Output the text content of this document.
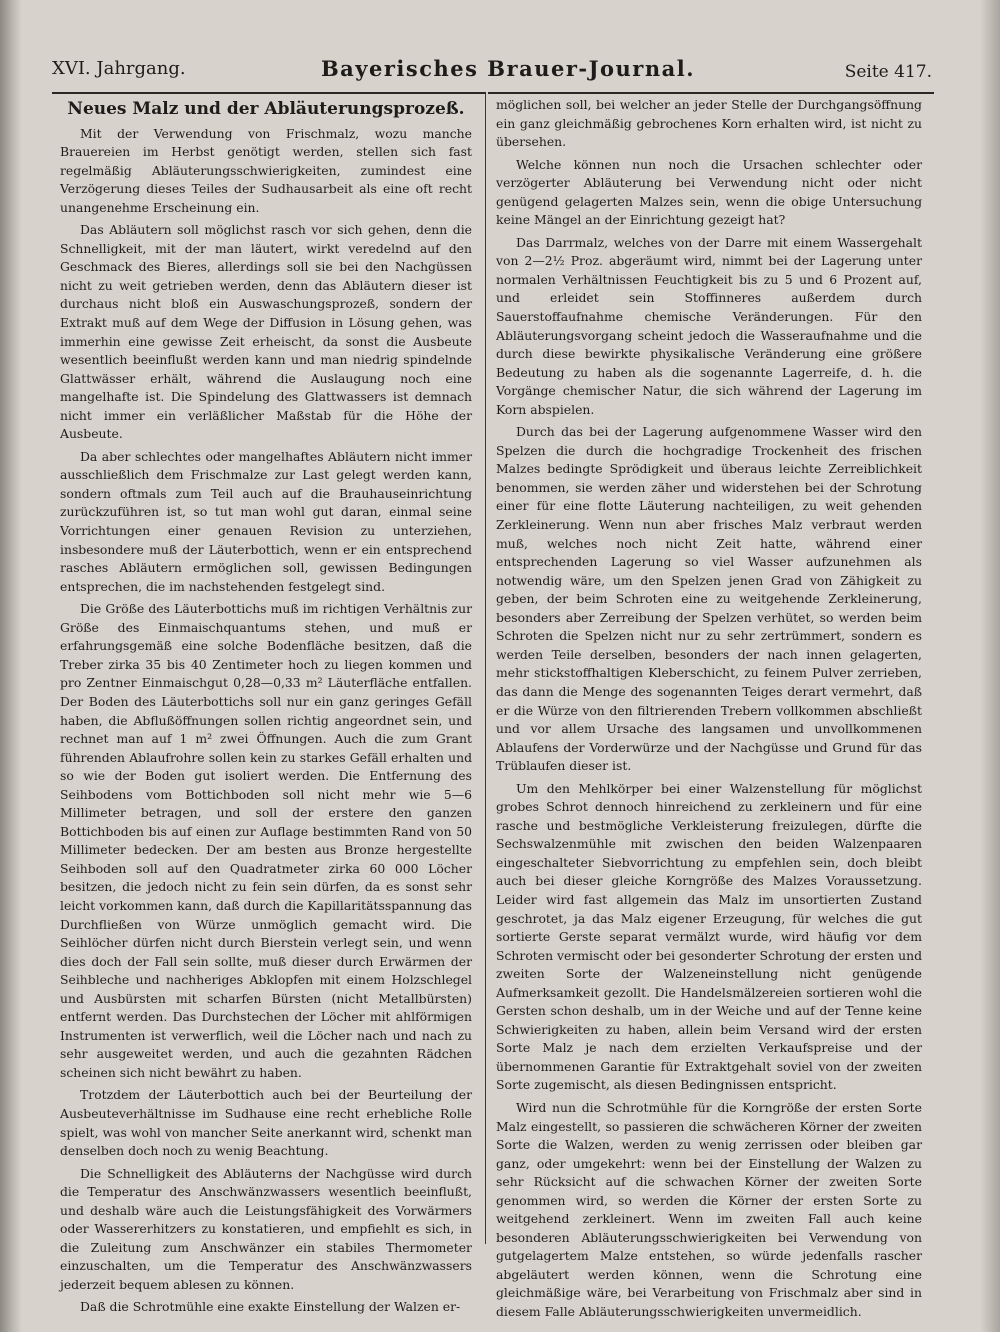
XVI. Jahrgang.	Bayerisches Brauer-Journal.	Seite 417.
Neues Malz und der Abläuterungsprozeß.

Mit der Verwendung von Frischmalz, wozu manche Brauereien im Herbst genötigt werden, stellen sich fast regelmäßig Abläuterungsschwierigkeiten, zumindest eine Verzögerung dieses Teiles der Sudhausarbeit als eine oft recht unangenehme Erscheinung ein.

Das Abläutern soll möglichst rasch vor sich gehen, denn die Schnelligkeit, mit der man läutert, wirkt veredelnd auf den Geschmack des Bieres, allerdings soll sie bei den Nachgüssen nicht zu weit getrieben werden, denn das Abläutern dieser ist durchaus nicht bloß ein Auswaschungsprozeß, sondern der Extrakt muß auf dem Wege der Diffusion in Lösung gehen, was immerhin eine gewisse Zeit erheischt, da sonst die Ausbeute wesentlich beeinflußt werden kann und man niedrig spindelnde Glattwässer erhält, während die Auslaugung noch eine mangelhafte ist. Die Spindelung des Glattwassers ist demnach nicht immer ein verläßlicher Maßstab für die Höhe der Ausbeute.

Da aber schlechtes oder mangelhaftes Abläutern nicht immer ausschließlich dem Frischmalze zur Last gelegt werden kann, sondern oftmals zum Teil auch auf die Brauhauseinrichtung zurückzuführen ist, so tut man wohl gut daran, einmal seine Vorrichtungen einer genauen Revision zu unterziehen, insbesondere muß der Läuterbottich, wenn er ein entsprechend rasches Abläutern ermöglichen soll, gewissen Bedingungen entsprechen, die im nachstehenden festgelegt sind.

Die Größe des Läuterbottichs muß im richtigen Verhältnis zur Größe des Einmaischquantums stehen, und muß er erfahrungsgemäß eine solche Bodenfläche besitzen, daß die Treber zirka 35 bis 40 Zentimeter hoch zu liegen kommen und pro Zentner Einmaischgut 0,28—0,33 m² Läuterfläche entfallen. Der Boden des Läuterbottichs soll nur ein ganz geringes Gefäll haben, die Abflußöffnungen sollen richtig angeordnet sein, und rechnet man auf 1 m² zwei Öffnungen. Auch die zum Grant führenden Ablaufrohre sollen kein zu starkes Gefäll erhalten und so wie der Boden gut isoliert werden. Die Entfernung des Seihbodens vom Bottichboden soll nicht mehr wie 5—6 Millimeter betragen, und soll der erstere den ganzen Bottichboden bis auf einen zur Auflage bestimmten Rand von 50 Millimeter bedecken. Der am besten aus Bronze hergestellte Seihboden soll auf den Quadratmeter zirka 60 000 Löcher besitzen, die jedoch nicht zu fein sein dürfen, da es sonst sehr leicht vorkommen kann, daß durch die Kapillaritätsspannung das Durchfließen von Würze unmöglich gemacht wird. Die Seihlöcher dürfen nicht durch Bierstein verlegt sein, und wenn dies doch der Fall sein sollte, muß dieser durch Erwärmen der Seihbleche und nachheriges Abklopfen mit einem Holzschlegel und Ausbürsten mit scharfen Bürsten (nicht Metallbürsten) entfernt werden. Das Durchstechen der Löcher mit ahlförmigen Instrumenten ist verwerflich, weil die Löcher nach und nach zu sehr ausgeweitet werden, und auch die gezahnten Rädchen scheinen sich nicht bewährt zu haben.

Trotzdem der Läuterbottich auch bei der Beurteilung der Ausbeuteverhältnisse im Sudhause eine recht erhebliche Rolle spielt, was wohl von mancher Seite anerkannt wird, schenkt man denselben doch noch zu wenig Beachtung.

Die Schnelligkeit des Abläuterns der Nachgüsse wird durch die Temperatur des Anschwänzwassers wesentlich beeinflußt, und deshalb wäre auch die Leistungsfähigkeit des Vorwärmers oder Wassererhitzers zu konstatieren, und empfiehlt es sich, in die Zuleitung zum Anschwänzer ein stabiles Thermometer einzuschalten, um die Temperatur des Anschwänzwassers jederzeit bequem ablesen zu können.

Daß die Schrotmühle eine exakte Einstellung der Walzen er-

möglichen soll, bei welcher an jeder Stelle der Durchgangsöffnung ein ganz gleichmäßig gebrochenes Korn erhalten wird, ist nicht zu übersehen.

Welche können nun noch die Ursachen schlechter oder verzögerter Abläuterung bei Verwendung nicht oder nicht genügend gelagerten Malzes sein, wenn die obige Untersuchung keine Mängel an der Einrichtung gezeigt hat?

Das Darrmalz, welches von der Darre mit einem Wassergehalt von 2—2½ Proz. abgeräumt wird, nimmt bei der Lagerung unter normalen Verhältnissen Feuchtigkeit bis zu 5 und 6 Prozent auf, und erleidet sein Stoffinneres außerdem durch Sauerstoffaufnahme chemische Veränderungen. Für den Abläuterungsvorgang scheint jedoch die Wasseraufnahme und die durch diese bewirkte physikalische Veränderung eine größere Bedeutung zu haben als die sogenannte Lagerreife, d. h. die Vorgänge chemischer Natur, die sich während der Lagerung im Korn abspielen.

Durch das bei der Lagerung aufgenommene Wasser wird den Spelzen die durch die hochgradige Trockenheit des frischen Malzes bedingte Sprödigkeit und überaus leichte Zerreiblichkeit benommen, sie werden zäher und widerstehen bei der Schrotung einer für eine flotte Läuterung nachteiligen, zu weit gehenden Zerkleinerung. Wenn nun aber frisches Malz verbraut werden muß, welches noch nicht Zeit hatte, während einer entsprechenden Lagerung so viel Wasser aufzunehmen als notwendig wäre, um den Spelzen jenen Grad von Zähigkeit zu geben, der beim Schroten eine zu weitgehende Zerkleinerung, besonders aber Zerreibung der Spelzen verhütet, so werden beim Schroten die Spelzen nicht nur zu sehr zertrümmert, sondern es werden Teile derselben, besonders der nach innen gelagerten, mehr stickstoffhaltigen Kleberschicht, zu feinem Pulver zerrieben, das dann die Menge des sogenannten Teiges derart vermehrt, daß er die Würze von den filtrierenden Trebern vollkommen abschließt und vor allem Ursache des langsamen und unvollkommenen Ablaufens der Vorderwürze und der Nachgüsse und Grund für das Trüblaufen dieser ist.

Um den Mehlkörper bei einer Walzenstellung für möglichst grobes Schrot dennoch hinreichend zu zerkleinern und für eine rasche und bestmögliche Verkleisterung freizulegen, dürfte die Sechswalzenmühle mit zwischen den beiden Walzenpaaren eingeschalteter Siebvorrichtung zu empfehlen sein, doch bleibt auch bei dieser gleiche Korngröße des Malzes Voraussetzung. Leider wird fast allgemein das Malz im unsortierten Zustand geschrotet, ja das Malz eigener Erzeugung, für welches die gut sortierte Gerste separat vermälzt wurde, wird häufig vor dem Schroten vermischt oder bei gesonderter Schrotung der ersten und zweiten Sorte der Walzeneinstellung nicht genügende Aufmerksamkeit gezollt. Die Handelsmälzereien sortieren wohl die Gersten schon deshalb, um in der Weiche und auf der Tenne keine Schwierigkeiten zu haben, allein beim Versand wird der ersten Sorte Malz je nach dem erzielten Verkaufspreise und der übernommenen Garantie für Extraktgehalt soviel von der zweiten Sorte zugemischt, als diesen Bedingnissen entspricht.

Wird nun die Schrotmühle für die Korngröße der ersten Sorte Malz eingestellt, so passieren die schwächeren Körner der zweiten Sorte die Walzen, werden zu wenig zerrissen oder bleiben gar ganz, oder umgekehrt: wenn bei der Einstellung der Walzen zu sehr Rücksicht auf die schwachen Körner der zweiten Sorte genommen wird, so werden die Körner der ersten Sorte zu weitgehend zerkleinert. Wenn im zweiten Fall auch keine besonderen Abläuterungsschwierigkeiten bei Verwendung von gutgelagertem Malze entstehen, so würde jedenfalls rascher abgeläutert werden können, wenn die Schrotung eine gleichmäßige wäre, bei Verarbeitung von Frischmalz aber sind in diesem Falle Abläuterungsschwierigkeiten unvermeidlich.
